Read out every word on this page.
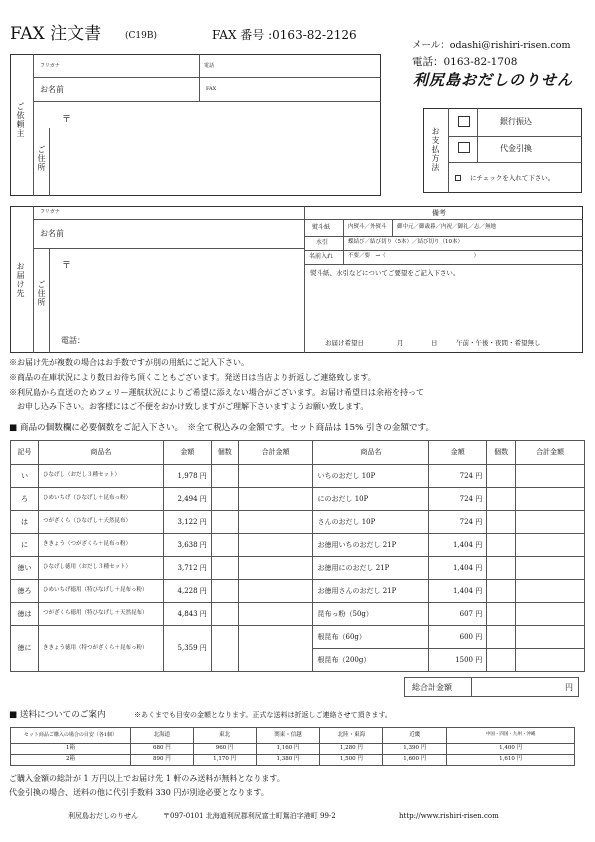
FAX 注文書	(C19B)	FAX 番号 :0163-82-2126
メール：odashi@rishiri-risen.com
電話：0163-82-1708
利尻島おだしのりせん
ご依頼主
フリガナ	電話
お名前	FAX
ご住所
〒
お支払方法
銀行振込
代金引換
にチェックを入れて下さい。
お届け先
フリガナ
お名前
ご住所
〒
電話：
備考
熨斗紙	内熨斗／外熨斗 御中元／御歳暮／内祝／御礼／志／無地
水引	蝶結び／結び切り（5本）／結び切り（10本）
名前入れ	不要／要　→（　　　　　　　　　　　　　　　　）
熨斗紙、水引などについてご要望をご記入下さい。
お届け希望日	月	日	午前・午後・夜間・希望無し
※お届け先が複数の場合はお手数ですが別の用紙にご記入下さい。
※商品の在庫状況により数日お待ち頂くこともございます。発送日は当店より折返しご連絡致します。
※利尻島から直送のためフェリー運航状況によりご希望に添えない場合がございます。お届け希望日は余裕を持って
　お申し込み下さい。お客様にはご不便をおかけ致しますがご理解下さいますようお願い致します。
■ 商品の個数欄に必要個数をご記入下さい。　※全て税込みの金額です。セット商品は 15% 引きの金額です。
記号	商品名	金額	個数	合計金額	商品名	金額	個数	合計金額
い	ひなげし（おだし３種セット）	1,978 円			いちのおだし 10P	724 円		
ろ	ひめいちげ（ひなげし＋昆布っ粉）	2,494 円			にのおだし 10P	724 円		
は	つがざくら（ひなげし＋天然昆布）	3,122 円			さんのおだし 10P	724 円		
に	ききょう（つがざくら＋昆布っ粉）	3,638 円			お徳用いちのおだし 21P	1,404 円		
徳い	ひなげし徳用（おだし３種セット）	3,712 円			お徳用にのおだし 21P	1,404 円		
徳ろ	ひめいちげ徳用（特ひなげし＋昆布っ粉）	4,228 円			お徳用さんのおだし 21P	1,404 円		
徳は	つがざくら徳用（特ひなげし＋天然昆布）	4,843 円			昆布っ粉（50g）	607 円		
徳に	ききょう徳用（特つがざくら＋昆布っ粉）	5,359 円			根昆布（60g）	600 円		
					根昆布（200g）	1500 円		
総合計金額	円
■ 送料についてのご案内	※あくまでも目安の金額となります。正式な送料は折返しご連絡させて頂きます。
セット商品ご購入の場合の目安（各1個）	北海道	東北	関東・信越	北陸・東海	近畿	中国・四国・九州・沖縄
1箱	680 円	960 円	1,160 円	1,280 円	1,390 円	1,400 円
2箱	890 円	1,170 円	1,380 円	1,500 円	1,600 円	1,610 円
ご購入金額の総計が 1 万円以上でお届け先 1 軒のみ送料が無料となります。
代金引換の場合、送料の他に代引手数料 330 円が別途必要となります。
利尻島おだしのりせん	〒097-0101 北海道利尻郡利尻富士町鴛泊字港町 99-2	http://www.rishiri-risen.com
